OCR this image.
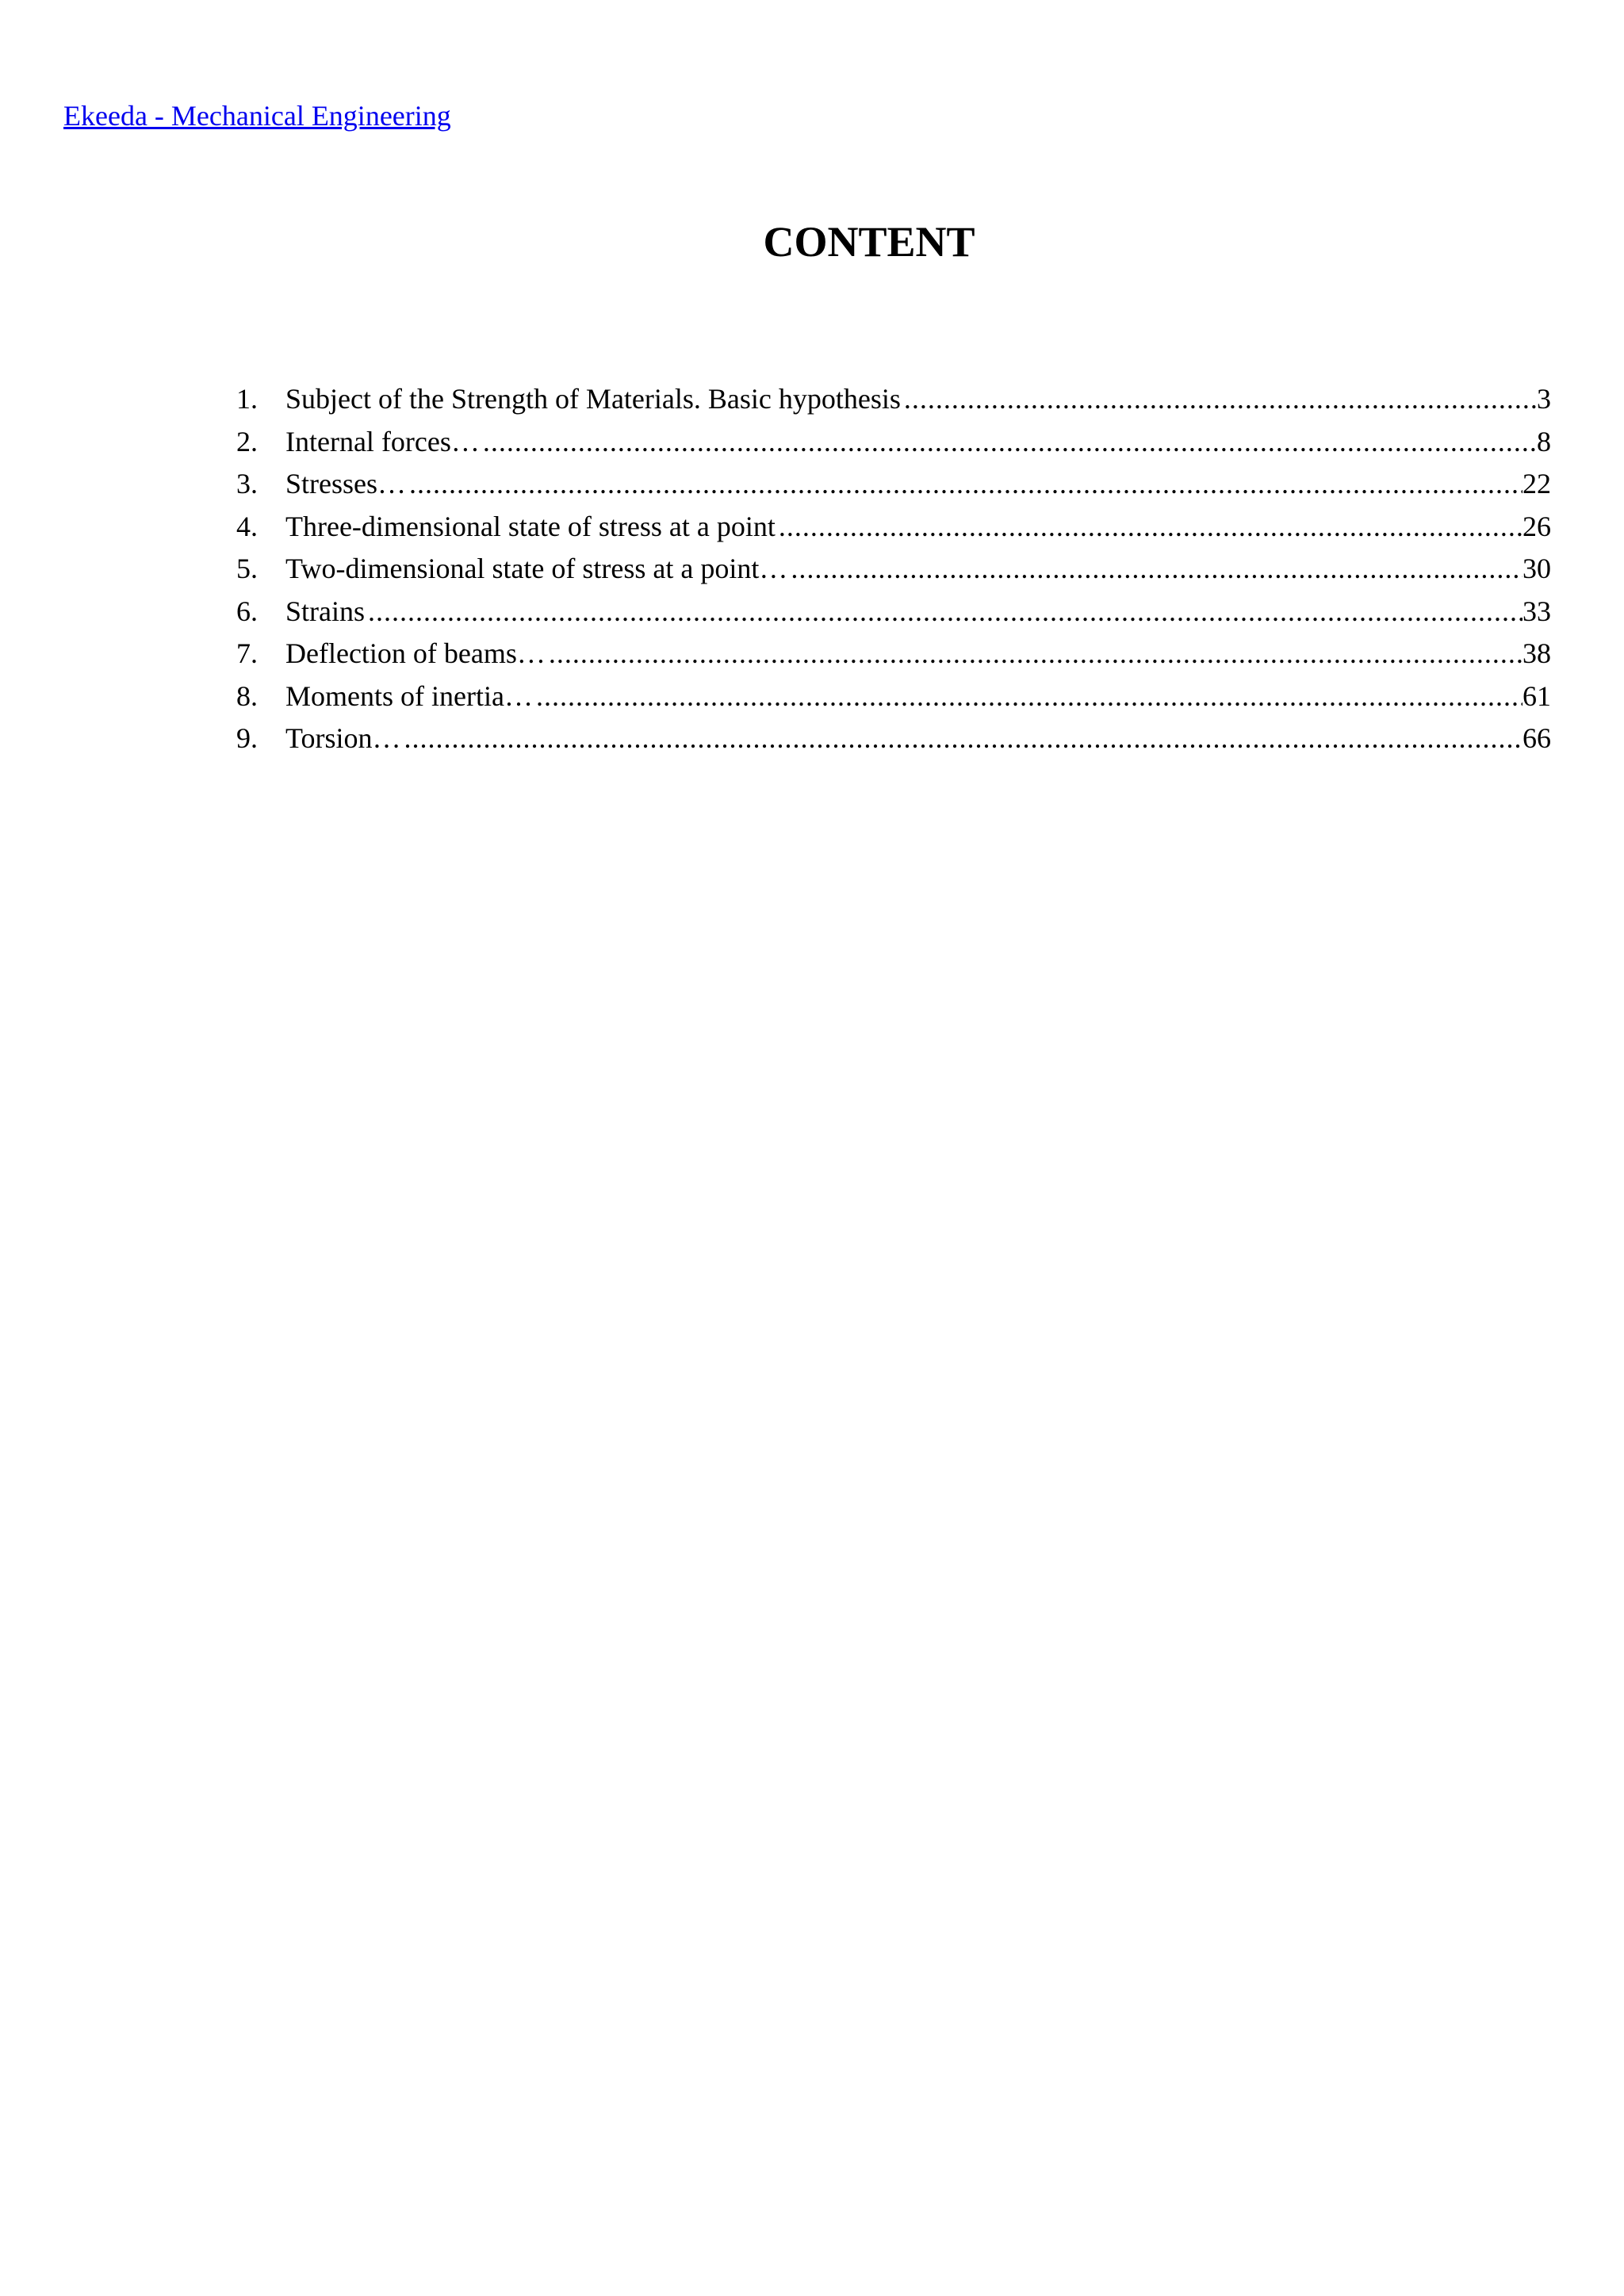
Ekeeda - Mechanical Engineering
CONTENT
1. Subject of the Strength of Materials. Basic hypothesis .....	3
2. Internal forces… .....	8
3. Stresses… .....	22
4. Three-dimensional state of stress at a point .....	26
5. Two-dimensional state of stress at a point… .....	30
6. Strains .....	33
7. Deflection of beams… .....	38
8. Moments of inertia… .....	61
9. Torsion… .....	66
